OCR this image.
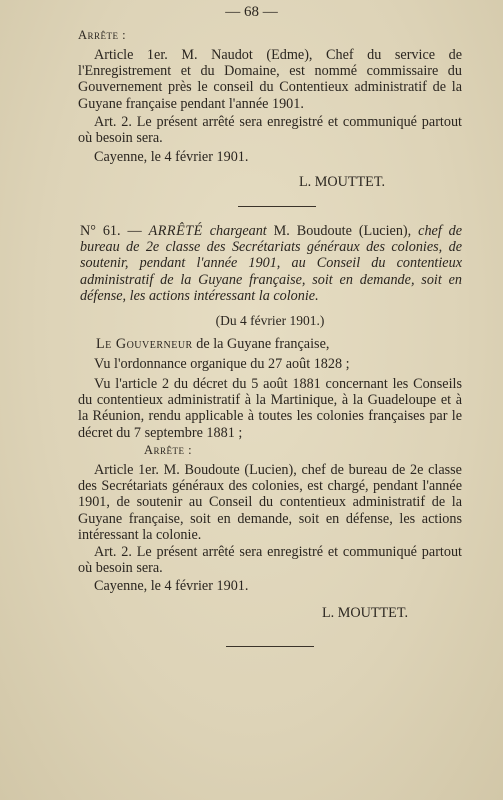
— 68 —
Arrête :

Article 1er. M. Naudot (Edme), Chef du service de l'Enregistrement et du Domaine, est nommé commissaire du Gouvernement près le conseil du Contentieux administratif de la Guyane française pendant l'année 1901.

Art. 2. Le présent arrêté sera enregistré et communiqué partout où besoin sera.

Cayenne, le 4 février 1901.

L. MOUTTET.

N° 61. — ARRÊTÉ chargeant M. Boudoute (Lucien), chef de bureau de 2e classe des Secrétariats généraux des colonies, de soutenir, pendant l'année 1901, au Conseil du contentieux administratif de la Guyane française, soit en demande, soit en défense, les actions intéressant la colonie.

(Du 4 février 1901.)

Le Gouverneur de la Guyane française,

Vu l'ordonnance organique du 27 août 1828 ;

Vu l'article 2 du décret du 5 août 1881 concernant les Conseils du contentieux administratif à la Martinique, à la Guadeloupe et à la Réunion, rendu applicable à toutes les colonies françaises par le décret du 7 septembre 1881 ;

Arrête :

Article 1er. M. Boudoute (Lucien), chef de bureau de 2e classe des Secrétariats généraux des colonies, est chargé, pendant l'année 1901, de soutenir au Conseil du contentieux administratif de la Guyane française, soit en demande, soit en défense, les actions intéressant la colonie.

Art. 2. Le présent arrêté sera enregistré et communiqué partout où besoin sera.

Cayenne, le 4 février 1901.

L. MOUTTET.
